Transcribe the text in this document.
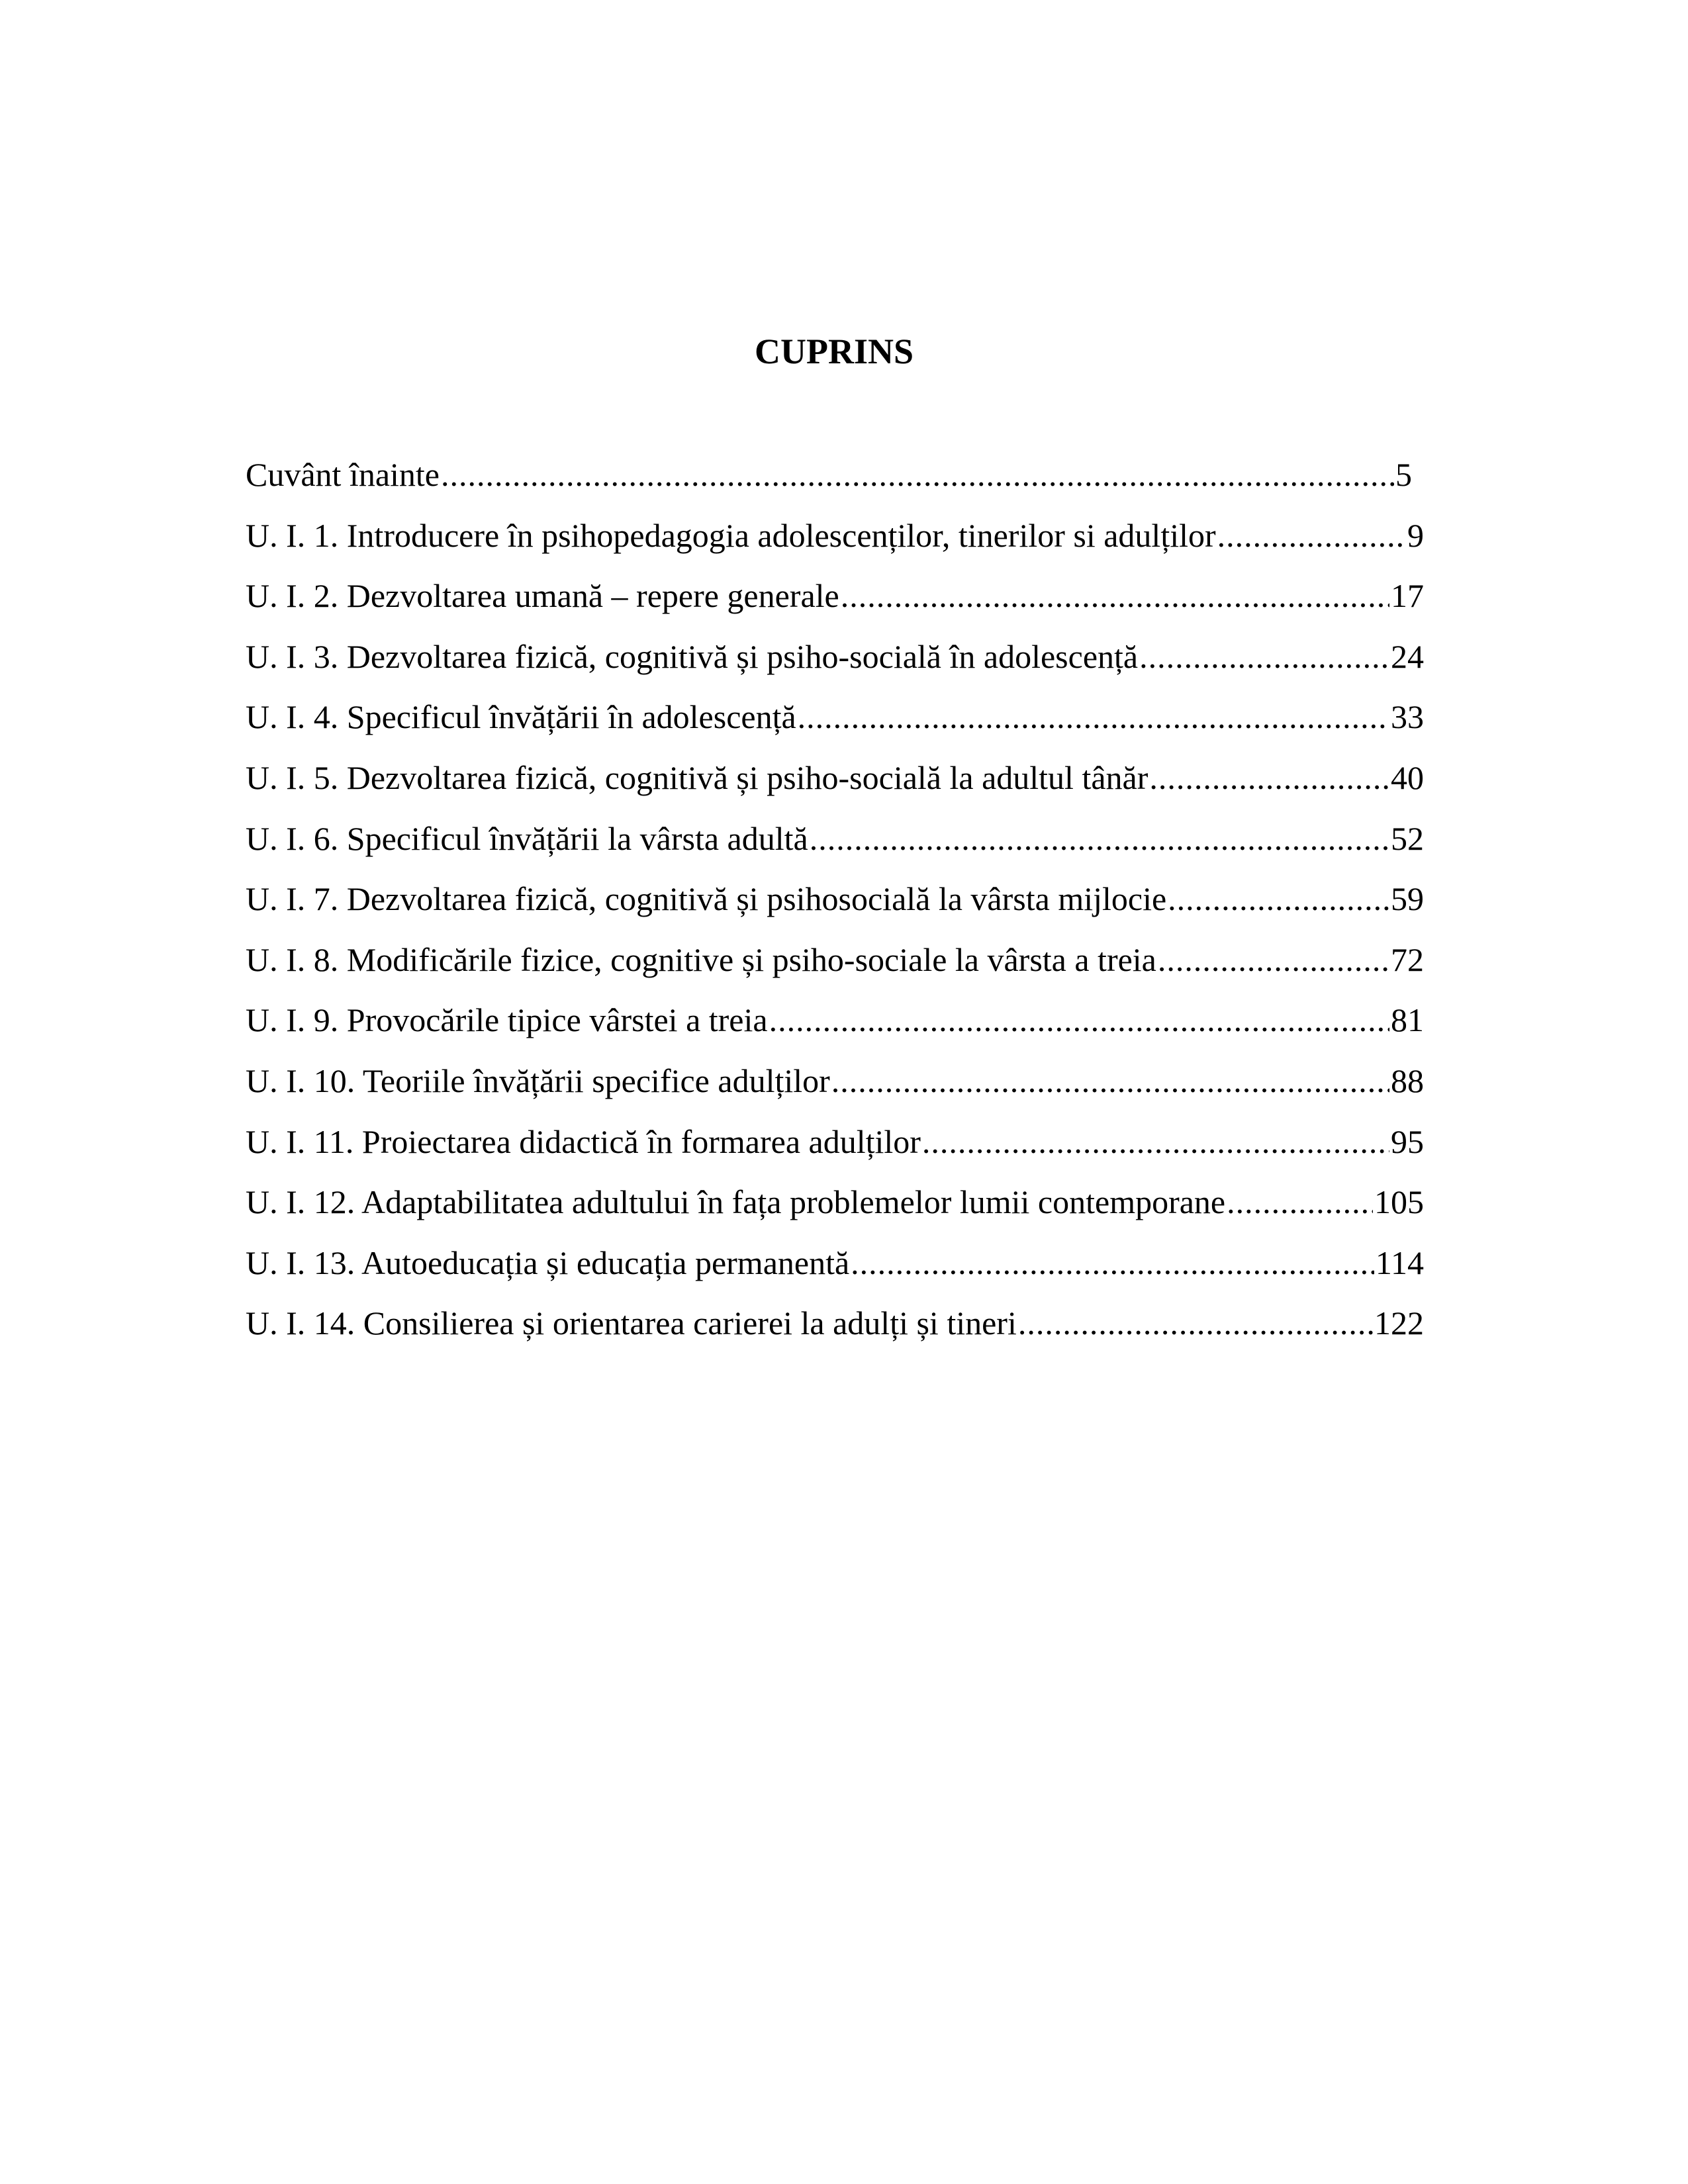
CUPRINS
Cuvânt înainte .....	5
U. I. 1. Introducere în psihopedagogia adolescenților, tinerilor si adulților .....	9
U. I. 2. Dezvoltarea umană – repere generale .....	17
U. I. 3. Dezvoltarea fizică, cognitivă și psiho-socială în adolescență .....	24
U. I. 4. Specificul învățării în adolescență .....	33
U. I. 5. Dezvoltarea fizică, cognitivă și psiho-socială la adultul tânăr .....	40
U. I. 6. Specificul învățării la vârsta adultă .....	52
U. I. 7. Dezvoltarea fizică, cognitivă și psihosocială la vârsta mijlocie .....	59
U. I. 8. Modificările fizice, cognitive și psiho-sociale la vârsta a treia .....	72
U. I. 9. Provocările tipice vârstei a treia .....	81
U. I. 10. Teoriile învățării specifice adulților .....	88
U. I. 11. Proiectarea didactică în formarea adulților .....	95
U. I. 12. Adaptabilitatea adultului în fața problemelor lumii contemporane .....	105
U. I. 13. Autoeducația și educația permanentă .....	114
U. I. 14. Consilierea și orientarea carierei la adulți și tineri .....	122
